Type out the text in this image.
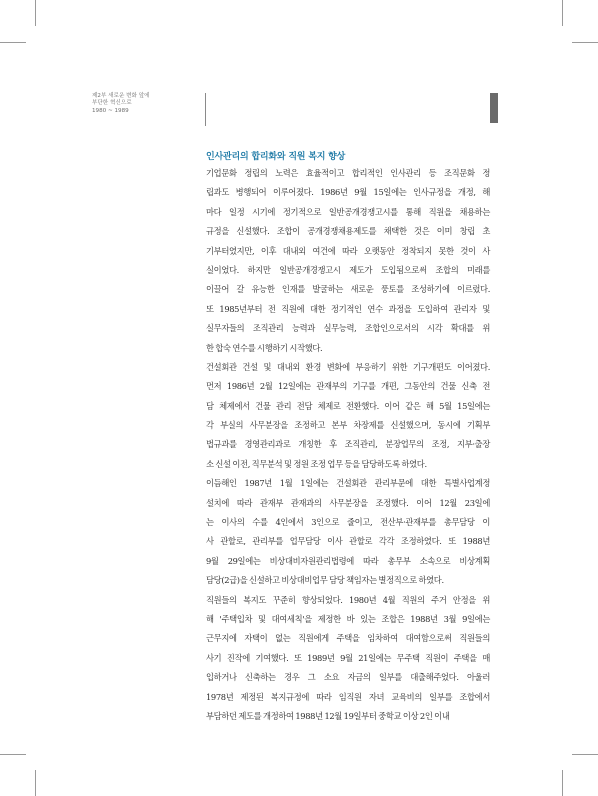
제2부 새로운 변화 앞에
부단한 혁신으로
1980 ~ 1989
인사관리의 합리화와 직원 복지 향상
기업문화 정립의 노력은 효율적이고 합리적인 인사관리 등 조직문화 정
립과도 병행되어 이루어졌다. 1986년 9월 15일에는 인사규정을 개정, 해
마다 일정 시기에 정기적으로 일반공개경쟁고시를 통해 직원을 채용하는
규정을 신설했다. 조합이 공개경쟁채용제도를 채택한 것은 이미 창립 초
기부터였지만, 이후 대내외 여건에 따라 오랫동안 정착되지 못한 것이 사
실이었다. 하지만 일반공개경쟁고시 제도가 도입됨으로써 조합의 미래를
이끌어 갈 유능한 인재를 발굴하는 새로운 풍토를 조성하기에 이르렀다.
또 1985년부터 전 직원에 대한 정기적인 연수 과정을 도입하여 관리자 및
실무자들의 조직관리 능력과 실무능력, 조합인으로서의 시각 확대를 위
한 합숙 연수를 시행하기 시작했다.
건설회관 건설 및 대내외 환경 변화에 부응하기 위한 기구개편도 이어졌다.
먼저 1986년 2월 12일에는 관재부의 기구를 개편, 그동안의 건물 신축 전
담 체제에서 건물 관리 전담 체제로 전환했다. 이어 같은 해 5월 15일에는
각 부실의 사무분장을 조정하고 본부 차장제를 신설했으며, 동시에 기획부
법규과를 경영관리과로 개칭한 후 조직관리, 분장업무의 조정, 지부·출장
소 신설 이전, 직무분석 및 정원 조정 업무 등을 담당하도록 하였다.
이듬해인 1987년 1월 1일에는 건설회관 관리부문에 대한 특별사업계정
설치에 따라 관재부 관재과의 사무분장을 조정했다. 이어 12월 23일에
는 이사의 수를 4인에서 3인으로 줄이고, 전산부·관재부를 총무담당 이
사 관할로, 관리부를 업무담당 이사 관할로 각각 조정하였다. 또 1988년
9월 29일에는 비상대비자원관리법령에 따라 총무부 소속으로 비상계획
담당(2급)을 신설하고 비상대비업무 담당 책임자는 별정직으로 하였다.
직원들의 복지도 꾸준히 향상되었다. 1980년 4월 직원의 주거 안정을 위
해 '주택입차 및 대여세칙'을 제정한 바 있는 조합은 1988년 3월 9일에는
근무지에 자택이 없는 직원에게 주택을 임차하여 대여함으로써 직원들의
사기 진작에 기여했다. 또 1989년 9월 21일에는 무주택 직원이 주택을 매
입하거나 신축하는 경우 그 소요 자금의 일부를 대출해주었다. 아울러
1978년 제정된 복지규정에 따라 임직원 자녀 교육비의 일부를 조합에서
부담하던 제도를 개정하여 1988년 12월 19일부터 중학교 이상 2인 이내
